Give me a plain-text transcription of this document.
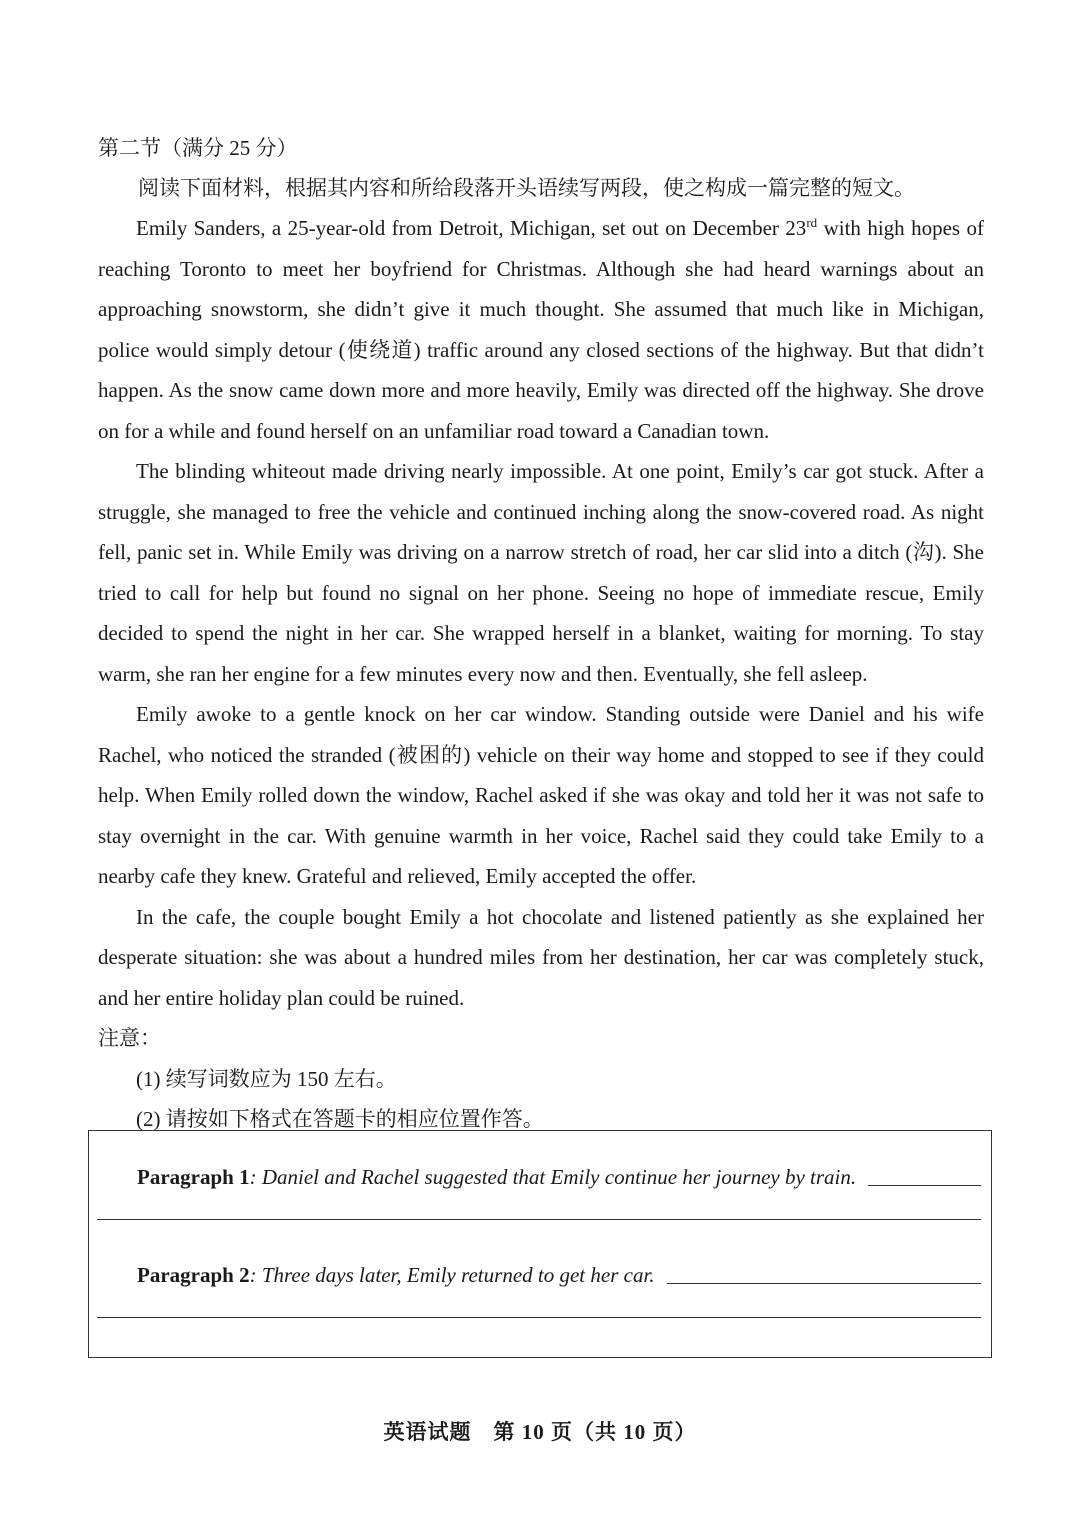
第二节（满分 25 分）

阅读下面材料，根据其内容和所给段落开头语续写两段，使之构成一篇完整的短文。

Emily Sanders, a 25-year-old from Detroit, Michigan, set out on December 23rd with high hopes of reaching Toronto to meet her boyfriend for Christmas. Although she had heard warnings about an approaching snowstorm, she didn’t give it much thought. She assumed that much like in Michigan, police would simply detour (使绕道) traffic around any closed sections of the highway. But that didn’t happen. As the snow came down more and more heavily, Emily was directed off the highway. She drove on for a while and found herself on an unfamiliar road toward a Canadian town.

The blinding whiteout made driving nearly impossible. At one point, Emily’s car got stuck. After a struggle, she managed to free the vehicle and continued inching along the snow-covered road. As night fell, panic set in. While Emily was driving on a narrow stretch of road, her car slid into a ditch (沟). She tried to call for help but found no signal on her phone. Seeing no hope of immediate rescue, Emily decided to spend the night in her car. She wrapped herself in a blanket, waiting for morning. To stay warm, she ran her engine for a few minutes every now and then. Eventually, she fell asleep.

Emily awoke to a gentle knock on her car window. Standing outside were Daniel and his wife Rachel, who noticed the stranded (被困的) vehicle on their way home and stopped to see if they could help. When Emily rolled down the window, Rachel asked if she was okay and told her it was not safe to stay overnight in the car. With genuine warmth in her voice, Rachel said they could take Emily to a nearby cafe they knew. Grateful and relieved, Emily accepted the offer.

In the cafe, the couple bought Emily a hot chocolate and listened patiently as she explained her desperate situation: she was about a hundred miles from her destination, her car was completely stuck, and her entire holiday plan could be ruined.

注意：

(1) 续写词数应为 150 左右。

(2) 请按如下格式在答题卡的相应位置作答。

Paragraph 1 : Daniel and Rachel suggested that Emily continue her journey by train.
Paragraph 2 : Three days later, Emily returned to get her car.
英语试题　第 10 页（共 10 页）
